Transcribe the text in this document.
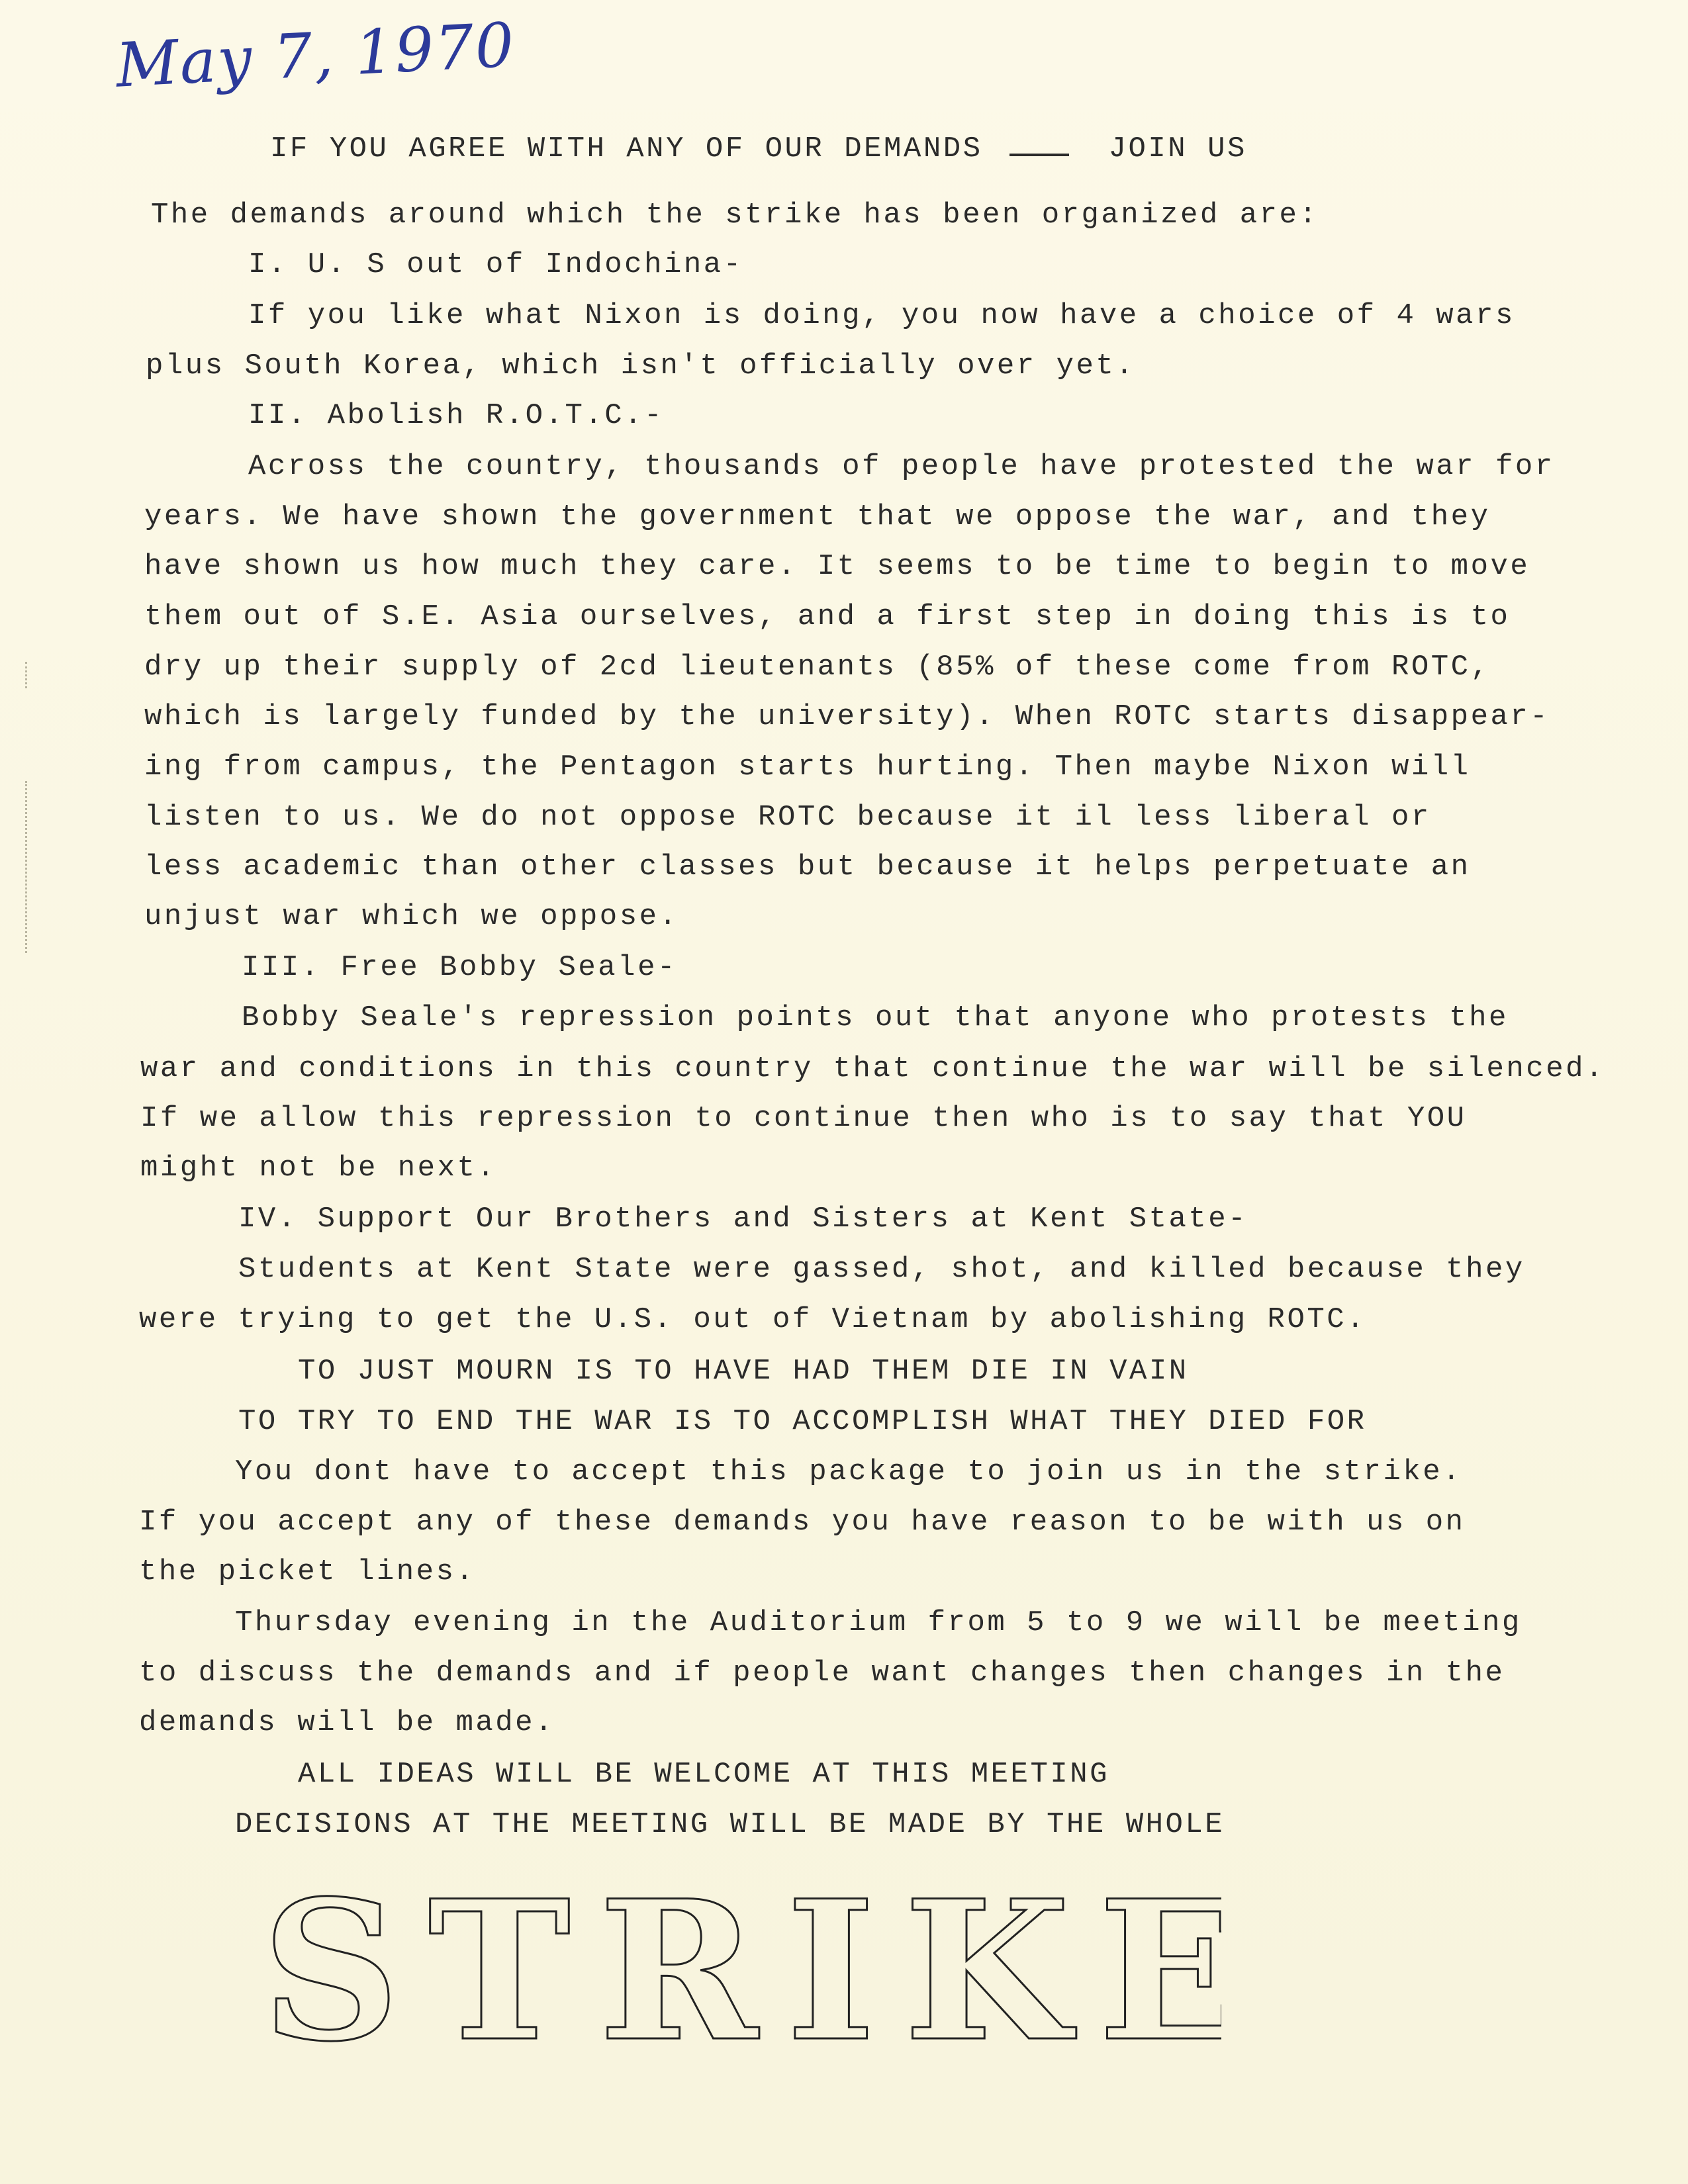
May 7, 1970
IF YOU AGREE WITH ANY OF OUR DEMANDS	JOIN US
The demands around which the strike has been organized are:
I. U. S out of Indochina-
If you like what Nixon is doing, you now have a choice of 4 wars
plus South Korea, which isn't officially over yet.
II. Abolish R.O.T.C.-
Across the country, thousands of people have protested the war for
years. We have shown the government that we oppose the war, and they
have shown us how much they care. It seems to be time to begin to move
them out of S.E. Asia ourselves, and a first step in doing this is to
dry up their supply of 2cd lieutenants (85% of these come from ROTC,
which is largely funded by the university). When ROTC starts disappear-
ing from campus, the Pentagon starts hurting. Then maybe Nixon will
listen to us. We do not oppose ROTC because it il less liberal or
less academic than other classes but because it helps perpetuate an
unjust war which we oppose.
III. Free Bobby Seale-
Bobby Seale's repression points out that anyone who protests the
war and conditions in this country that continue the war will be silenced.
If we allow this repression to continue then who is to say that YOU
might not be next.
IV. Support Our Brothers and Sisters at Kent State-
Students at Kent State were gassed, shot, and killed because they
were trying to get the U.S. out of Vietnam by abolishing ROTC.
TO JUST MOURN IS TO HAVE HAD THEM DIE IN VAIN
TO TRY TO END THE WAR IS TO ACCOMPLISH WHAT THEY DIED FOR
You dont have to accept this package to join us in the strike.
If you accept any of these demands you have reason to be with us on
the picket lines.
Thursday evening in the Auditorium from 5 to 9 we will be meeting
to discuss the demands and if people want changes then changes in the
demands will be made.
ALL IDEAS WILL BE WELCOME AT THIS MEETING
DECISIONS AT THE MEETING WILL BE MADE BY THE WHOLE
STRIKE
